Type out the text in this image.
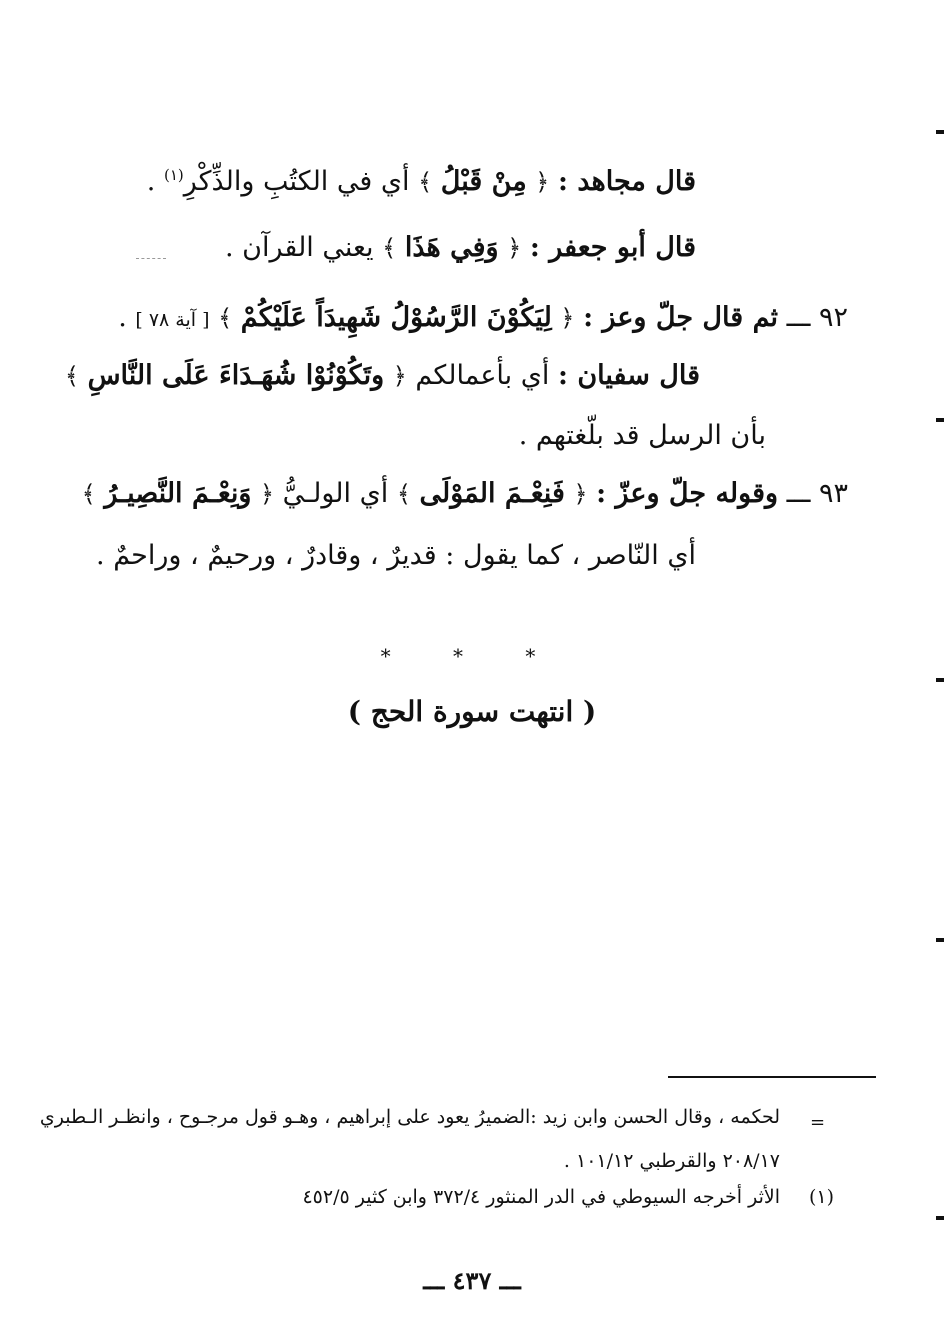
قال مجاهد : ﴿ مِنْ قَبْلُ ﴾ أي في الكتُبِ والذِّكْرِ$^{(١)}$ .
قال أبو جعفر : ﴿ وَفِي هَذَا ﴾ يعني القرآن .
٩٢ ـــ ثم قال جلّ وعز : ﴿ لِيَكُوْنَ الرَّسُوْلُ شَهِيدَاً عَلَيْكُمْ ﴾ [ آية ٧٨ ] .
قال سفيان : أي بأعمالكم ﴿ وتَكُوْنُوْا شُهَـدَاءَ عَلَى النَّاسِ ﴾
بأن الرسل قد بلّغتهم .
٩٣ ـــ وقوله جلّ وعزّ : ﴿ فَنِعْـمَ المَوْلَى ﴾ أي الولـيُّ ﴿ وَنِعْـمَ النَّصِيـرُ ﴾
أي النّاصر ، كما يقول : قديرٌ ، وقادرٌ ، ورحيمٌ ، وراحمٌ .
* * *
( انتهت سورة الحج )
=
لحكمه ، وقال الحسن وابن زيد :الضميرُ يعود على إبراهيم ، وهـو قول مرجـوح ، وانظـر الـطبري
٢٠٨/١٧ والقرطبي ١٠١/١٢ .
(١)
الأثر أخرجه السيوطي في الدر المنثور ٣٧٢/٤ وابن كثير ٤٥٢/٥
ـــ ٤٣٧ ـــ
